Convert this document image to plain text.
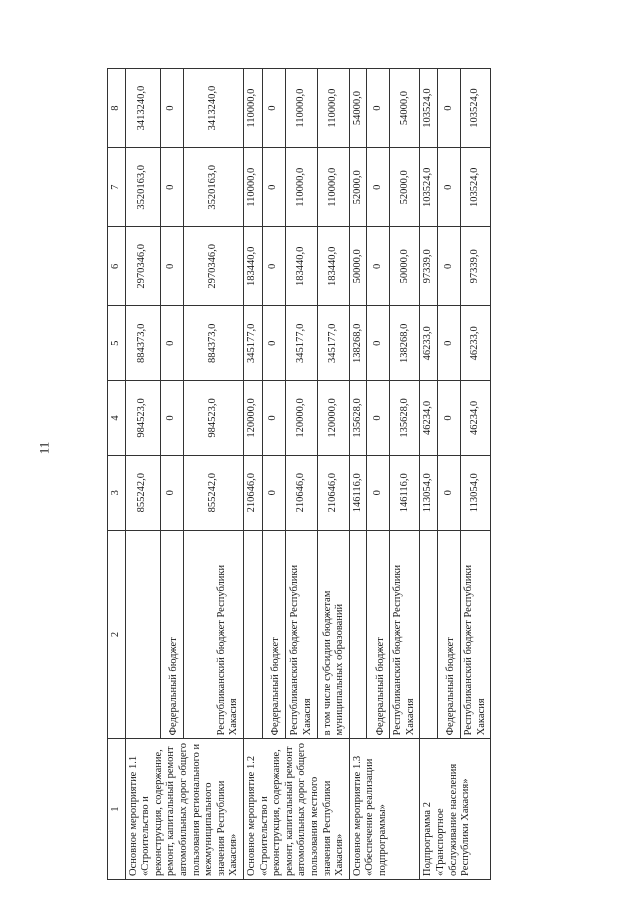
11
1	2	3	4	5	6	7	8
Основное мероприятие 1.1 «Строительство и реконструкция, содержание, ремонт, капитальный ремонт автомобильных дорог общего пользования регионального и межмуниципального значения Республики Хакасия»		855242,0	984523,0	884373,0	2970346,0	3520163,0	3413240,0
	Федеральный бюджет	0	0	0	0	0	0
	Республиканский бюджет Республики Хакасия	855242,0	984523,0	884373,0	2970346,0	3520163,0	3413240,0
Основное мероприятие 1.2 «Строительство и реконструкция, содержание, ремонт, капитальный ремонт автомобильных дорог общего пользования местного значения Республики Хакасия»		210646,0	120000,0	345177,0	183440,0	110000,0	110000,0
	Федеральный бюджет	0	0	0	0	0	0
	Республиканский бюджет Республики Хакасия	210646,0	120000,0	345177,0	183440,0	110000,0	110000,0
	в том числе субсидии бюджетам муниципальных образований	210646,0	120000,0	345177,0	183440,0	110000,0	110000,0
Основное мероприятие 1.3 «Обеспечение реализации подпрограммы»		146116,0	135628,0	138268,0	50000,0	52000,0	54000,0
	Федеральный бюджет	0	0	0	0	0	0
	Республиканский бюджет Республики Хакасия	146116,0	135628,0	138268,0	50000,0	52000,0	54000,0
Подпрограмма 2 «Транспортное обслуживание населения Республики Хакасия»		113054,0	46234,0	46233,0	97339,0	103524,0	103524,0
	Федеральный бюджет	0	0	0	0	0	0
	Республиканский бюджет Республики Хакасия	113054,0	46234,0	46233,0	97339,0	103524,0	103524,0
